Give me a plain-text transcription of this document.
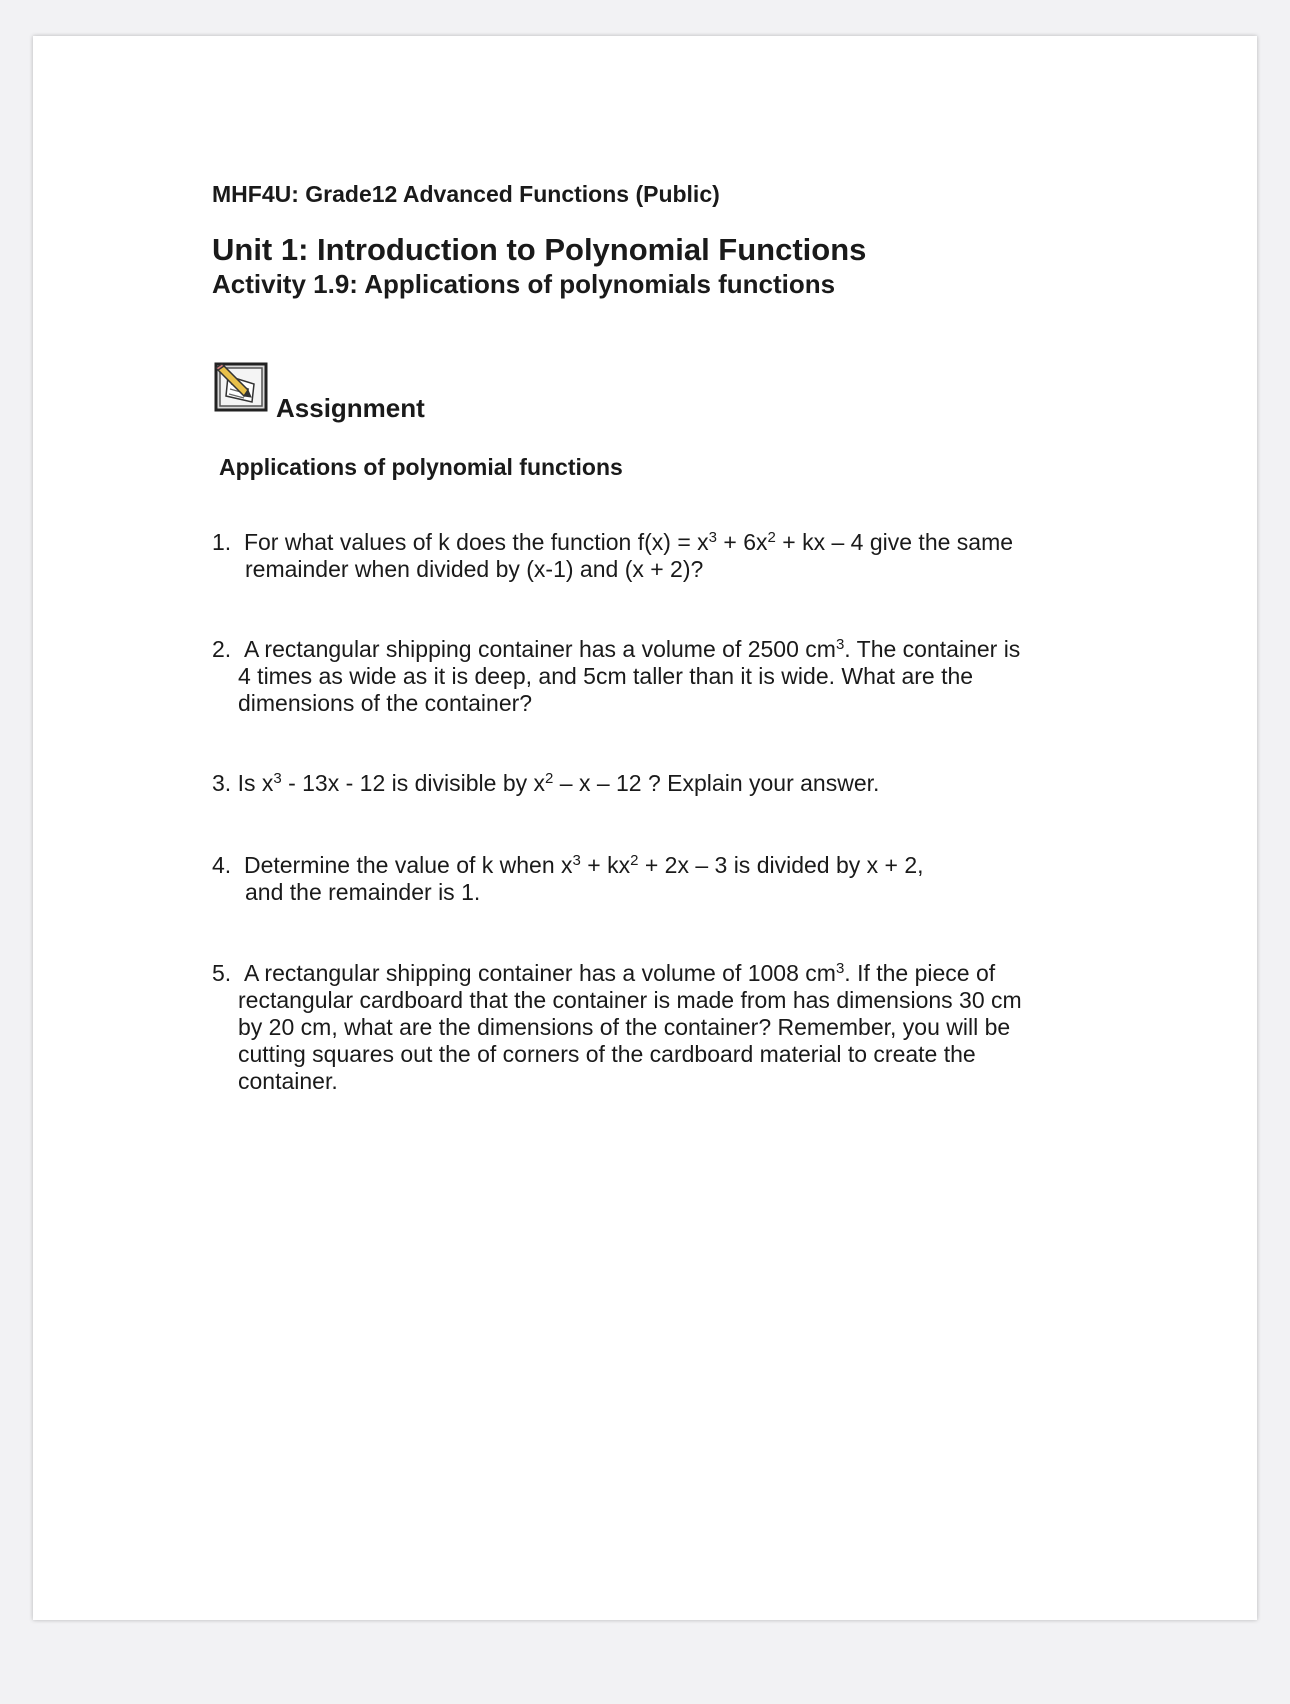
MHF4U: Grade12 Advanced Functions (Public)
Unit 1: Introduction to Polynomial Functions
Activity 1.9: Applications of polynomials functions
Assignment
Applications of polynomial functions
1. For what values of k does the function $f(x) = x^3 + 6x^2$ + kx – 4 give the same
remainder when divided by (x-1) and (x + 2)?
2. A rectangular shipping container has a volume of 2500 $cm^3$. The container is
4 times as wide as it is deep, and 5cm taller than it is wide. What are the
dimensions of the container?
3. Is $x^3 - 13x - 12$ is divisible by $x^2$ – x – 12 ? Explain your answer.
4. Determine the value of k when $x^3 + kx^2 + 2x - 3$ is divided by x + 2,
and the remainder is 1.
5. A rectangular shipping container has a volume of 1008 $cm^3$. If the piece of
rectangular cardboard that the container is made from has dimensions 30 cm
by 20 cm, what are the dimensions of the container? Remember, you will be
cutting squares out the of corners of the cardboard material to create the
container.
